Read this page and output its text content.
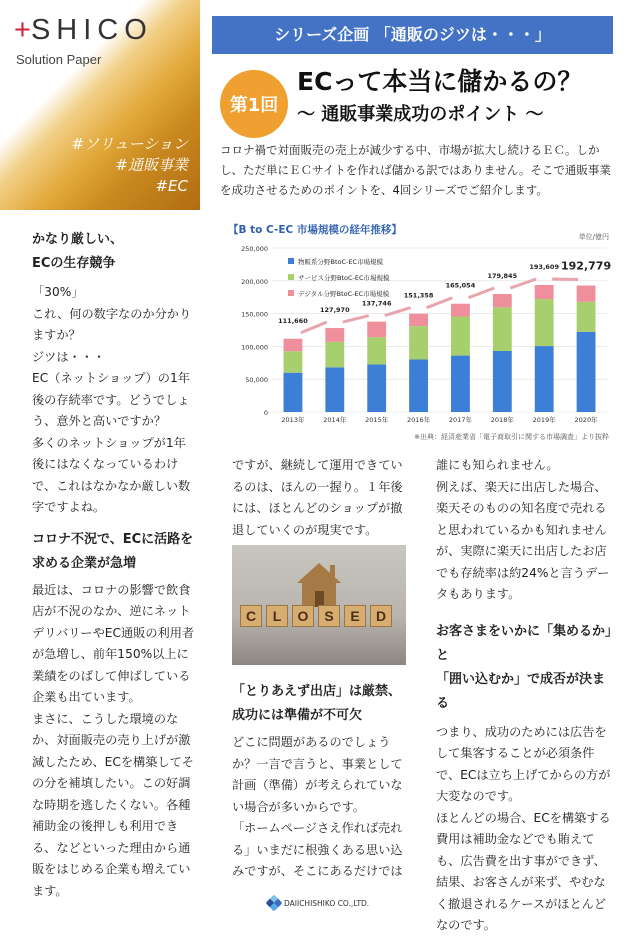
+SHICO
Solution Paper
#ソリューション
#通販事業
#EC
シリーズ企画 「通販のジツは・・・」
第1回
ECって本当に儲かるの？
～ 通販事業成功のポイント ～
コロナ禍で対面販売の売上が減少する中、市場が拡大し続けるＥＣ。しかし、ただ単にＥＣサイトを作れば儲かる訳ではありません。そこで通販事業を成功させるためのポイントを、4回シリーズでご紹介します。
【B to C-EC 市場規模の経年推移】
単位/億円
0
50,000
100,000
150,000
200,000
250,000
2013年
111,660
2014年
127,970
2015年
137,746
2016年
151,358
2017年
165,054
2018年
179,845
2019年
193,609
2020年
192,779
物販系分野BtoC-EC市場規模
サービス分野BtoC-EC市場規模
デジタル分野BtoC-EC市場規模
※出典：経済産業省「電子商取引に関する市場調査」より抜粋

かなり厳しい、

ECの生存競争

「30%」

これ、何の数字なのか分かりますか？

ジツは・・・

EC（ネットショップ）の1年後の存続率です。どうでしょう、意外と高いですか？

多くのネットショップが1年後にはなくなっているわけで、これはなかなか厳しい数字ですよね。

コロナ不況で、ECに活路を

求める企業が急増

最近は、コロナの影響で飲食店が不況のなか、逆にネットデリバリーやEC通販の利用者が急増し、前年150%以上に業績をのばして伸ばしている企業も出ています。

まさに、こうした環境のなか、対面販売の売り上げが激減したため、ECを構築してその分を補填したい。この好調な時期を逃したくない。各種補助金の後押しも利用できる、などといった理由から通販をはじめる企業も増えています。

ですが、継続して運用できているのは、ほんの一握り。１年後には、ほとんどのショップが撤退していくのが現実です。

C	L	O	S	E	D

「とりあえず出店」は厳禁、

成功には準備が不可欠

どこに問題があるのでしょうか？一言で言うと、事業として計画（準備）が考えられていない場合が多いからです。

「ホームページさえ作れば売れる」いまだに根強くある思い込みですが、そこにあるだけでは

誰にも知られません。

例えば、楽天に出店した場合、楽天そのものの知名度で売れると思われているかも知れませんが、実際に楽天に出店したお店でも存続率は約24%と言うデータもあります。

お客さまをいかに「集めるか」と

「囲い込むか」で成否が決まる

つまり、成功のためには広告をして集客することが必須条件で、ECは立ち上げてからの方が大変なのです。

ほとんどの場合、ECを構築する費用は補助金などでも賄えても、広告費を出す事ができず、結果、お客さんが来ず、やむなく撤退されるケースがほとんどなのです。

DAIICHISHIKO CO.,LTD.
